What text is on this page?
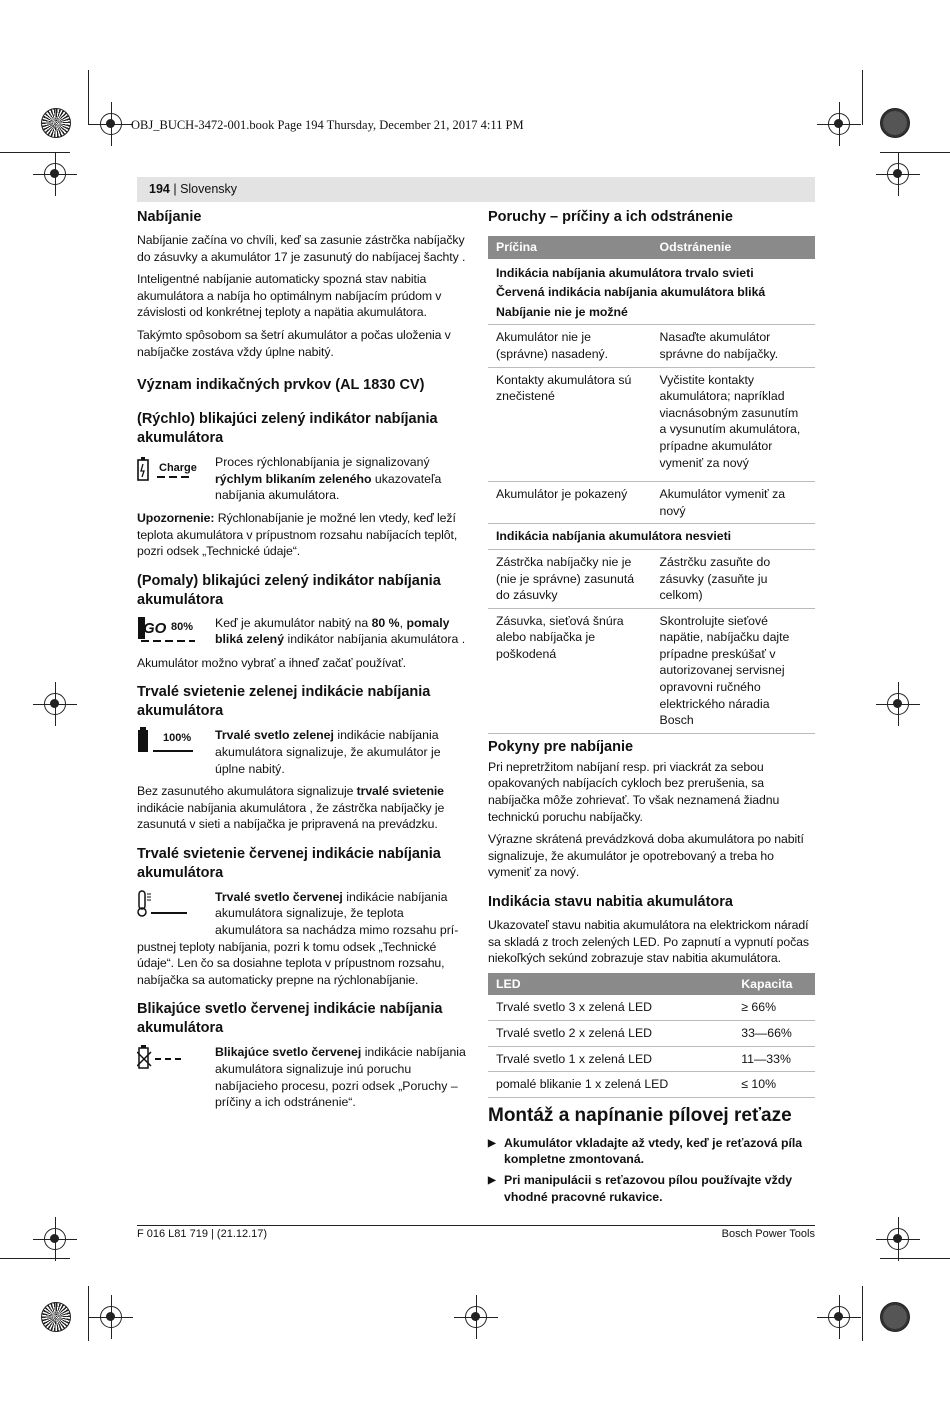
OBJ_BUCH-3472-001.book Page 194 Thursday, December 21, 2017 4:11 PM
194 | Slovensky
Nabíjanie

Nabíjanie začína vo chvíli, keď sa zasunie zástrčka nabíjačky do zásuvky a akumulátor 17 je zasunutý do nabíjacej šachty .

Inteligentné nabíjanie automaticky spozná stav nabitia akumulátora a nabíja ho optimálnym nabíjacím prúdom v závislosti od konkrétnej teploty a napätia akumulátora.

Takýmto spôsobom sa šetrí akumulátor a počas uloženia v nabíjačke zostáva vždy úplne nabitý.

Význam indikačných prvkov (AL 1830 CV)
(Rýchlo) blikajúci zelený indikátor nabíjania akumulátora
Charge Proces rýchlonabíjania je signalizovaný rýchlym blikaním zeleného ukazovateľa nabíjania akumulátora.

Upozornenie: Rýchlonabíjanie je možné len vtedy, keď leží teplota akumulátora v prípustnom rozsahu nabíjacích teplôt, pozri odsek „Technické údaje“.

(Pomaly) blikajúci zelený indikátor nabíjania akumulátora
GO 80% Keď je akumulátor nabitý na 80 %, pomaly bliká zelený indikátor nabíjania akumulátora .

Akumulátor možno vybrať a ihneď začať používať.

Trvalé svietenie zelenej indikácie nabíjania akumulátora
100% Trvalé svetlo zelenej indikácie nabíjania akumulátora signalizuje, že akumulátor je úplne nabitý.

Bez zasunutého akumulátora signalizuje trvalé svietenie indikácie nabíjania akumulátora , že zástrčka nabíjačky je zasunutá v sieti a nabíjačka je pripravená na prevádzku.

Trvalé svietenie červenej indikácie nabíjania akumulátora
Trvalé svetlo červenej indikácie nabíjania akumulátora signalizuje, že teplota akumulátora sa nachádza mimo rozsahu prí-

pustnej teploty nabíjania, pozri k tomu odsek „Technické údaje“. Len čo sa dosiahne teplota v prípustnom rozsahu, nabíjačka sa automaticky prepne na rýchlonabíjanie.

Blikajúce svetlo červenej indikácie nabíjania akumulátora
Blikajúce svetlo červenej indikácie nabíjania akumulátora signalizuje inú poruchu nabíjacieho procesu, pozri odsek „Poruchy – príčiny a ich odstránenie“.
Poruchy – príčiny a ich odstránenie
Príčina	Odstránenie
Indikácia nabíjania akumulátora trvalo svieti	
Červená indikácia nabíjania akumulátora bliká	
Nabíjanie nie je možné	
Akumulátor nie je (správne) nasadený.	Nasaďte akumulátor správne do nabíjačky.
Kontakty akumulátora sú znečistené	Vyčistite kontakty akumulátora; napríklad viacnásobným zasunutím a vysunutím akumulátora, prípadne akumulátor vymeniť za nový
Akumulátor je pokazený	Akumulátor vymeniť za nový
Indikácia nabíjania akumulátora nesvieti	
Zástrčka nabíjačky nie je (nie je správne) zasunutá do zásuvky	Zástrčku zasuňte do zásuvky (zasuňte ju celkom)
Zásuvka, sieťová šnúra alebo nabíjačka je poškodená	Skontrolujte sieťové napätie, nabíjačku dajte prípadne preskúšať v autorizovanej servisnej opravovni ručného elektrického náradia Bosch
Pokyny pre nabíjanie

Pri nepretržitom nabíjaní resp. pri viackrát za sebou opakovaných nabíjacích cykloch bez prerušenia, sa nabíjačka môže zohrievať. To však neznamená žiadnu technickú poruchu nabíjačky.

Výrazne skrátená prevádzková doba akumulátora po nabití signalizuje, že akumulátor je opotrebovaný a treba ho vymeniť za nový.

Indikácia stavu nabitia akumulátora

Ukazovateľ stavu nabitia akumulátora na elektrickom náradí sa skladá z troch zelených LED. Po zapnutí a vypnutí počas niekoľkých sekúnd zobrazuje stav nabitia akumulátora.

LED	Kapacita
Trvalé svetlo 3 x zelená LED	≥ 66%
Trvalé svetlo 2 x zelená LED	33—66%
Trvalé svetlo 1 x zelená LED	11—33%
pomalé blikanie 1 x zelená LED	≤ 10%
Montáž a napínanie pílovej reťaze
▶ Akumulátor vkladajte až vtedy, keď je reťazová píla kompletne zmontovaná.
▶ Pri manipulácii s reťazovou pílou používajte vždy vhodné pracovné rukavice.
F 016 L81 719 | (21.12.17)	Bosch Power Tools
